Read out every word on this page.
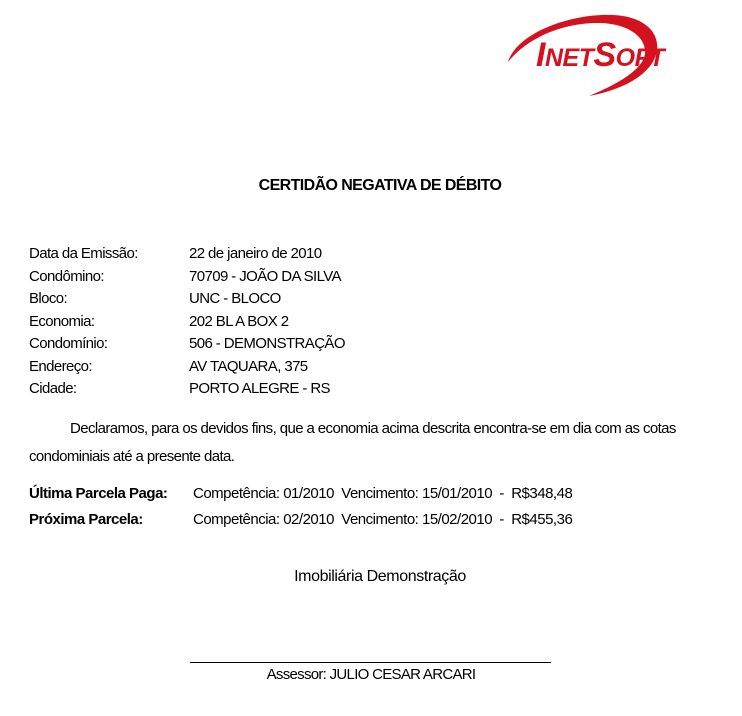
INETSOFT
CERTIDÃO NEGATIVA DE DÉBITO
Data da Emissão:	22 de janeiro de 2010
Condômino:	70709 - JOÃO DA SILVA
Bloco:	UNC - BLOCO
Economia:	202 BL A BOX 2
Condomínio:	506 - DEMONSTRAÇÃO
Endereço:	AV TAQUARA, 375
Cidade:	PORTO ALEGRE - RS
Declaramos, para os devidos fins, que a economia acima descrita encontra-se em dia com as cotas condominiais até a presente data.
Última Parcela Paga: Competência: 01/2010  Vencimento: 15/01/2010  -  R$348,48
Próxima Parcela:	Competência: 02/2010  Vencimento: 15/02/2010  -  R$455,36
Imobiliária Demonstração
Assessor: JULIO CESAR ARCARI
